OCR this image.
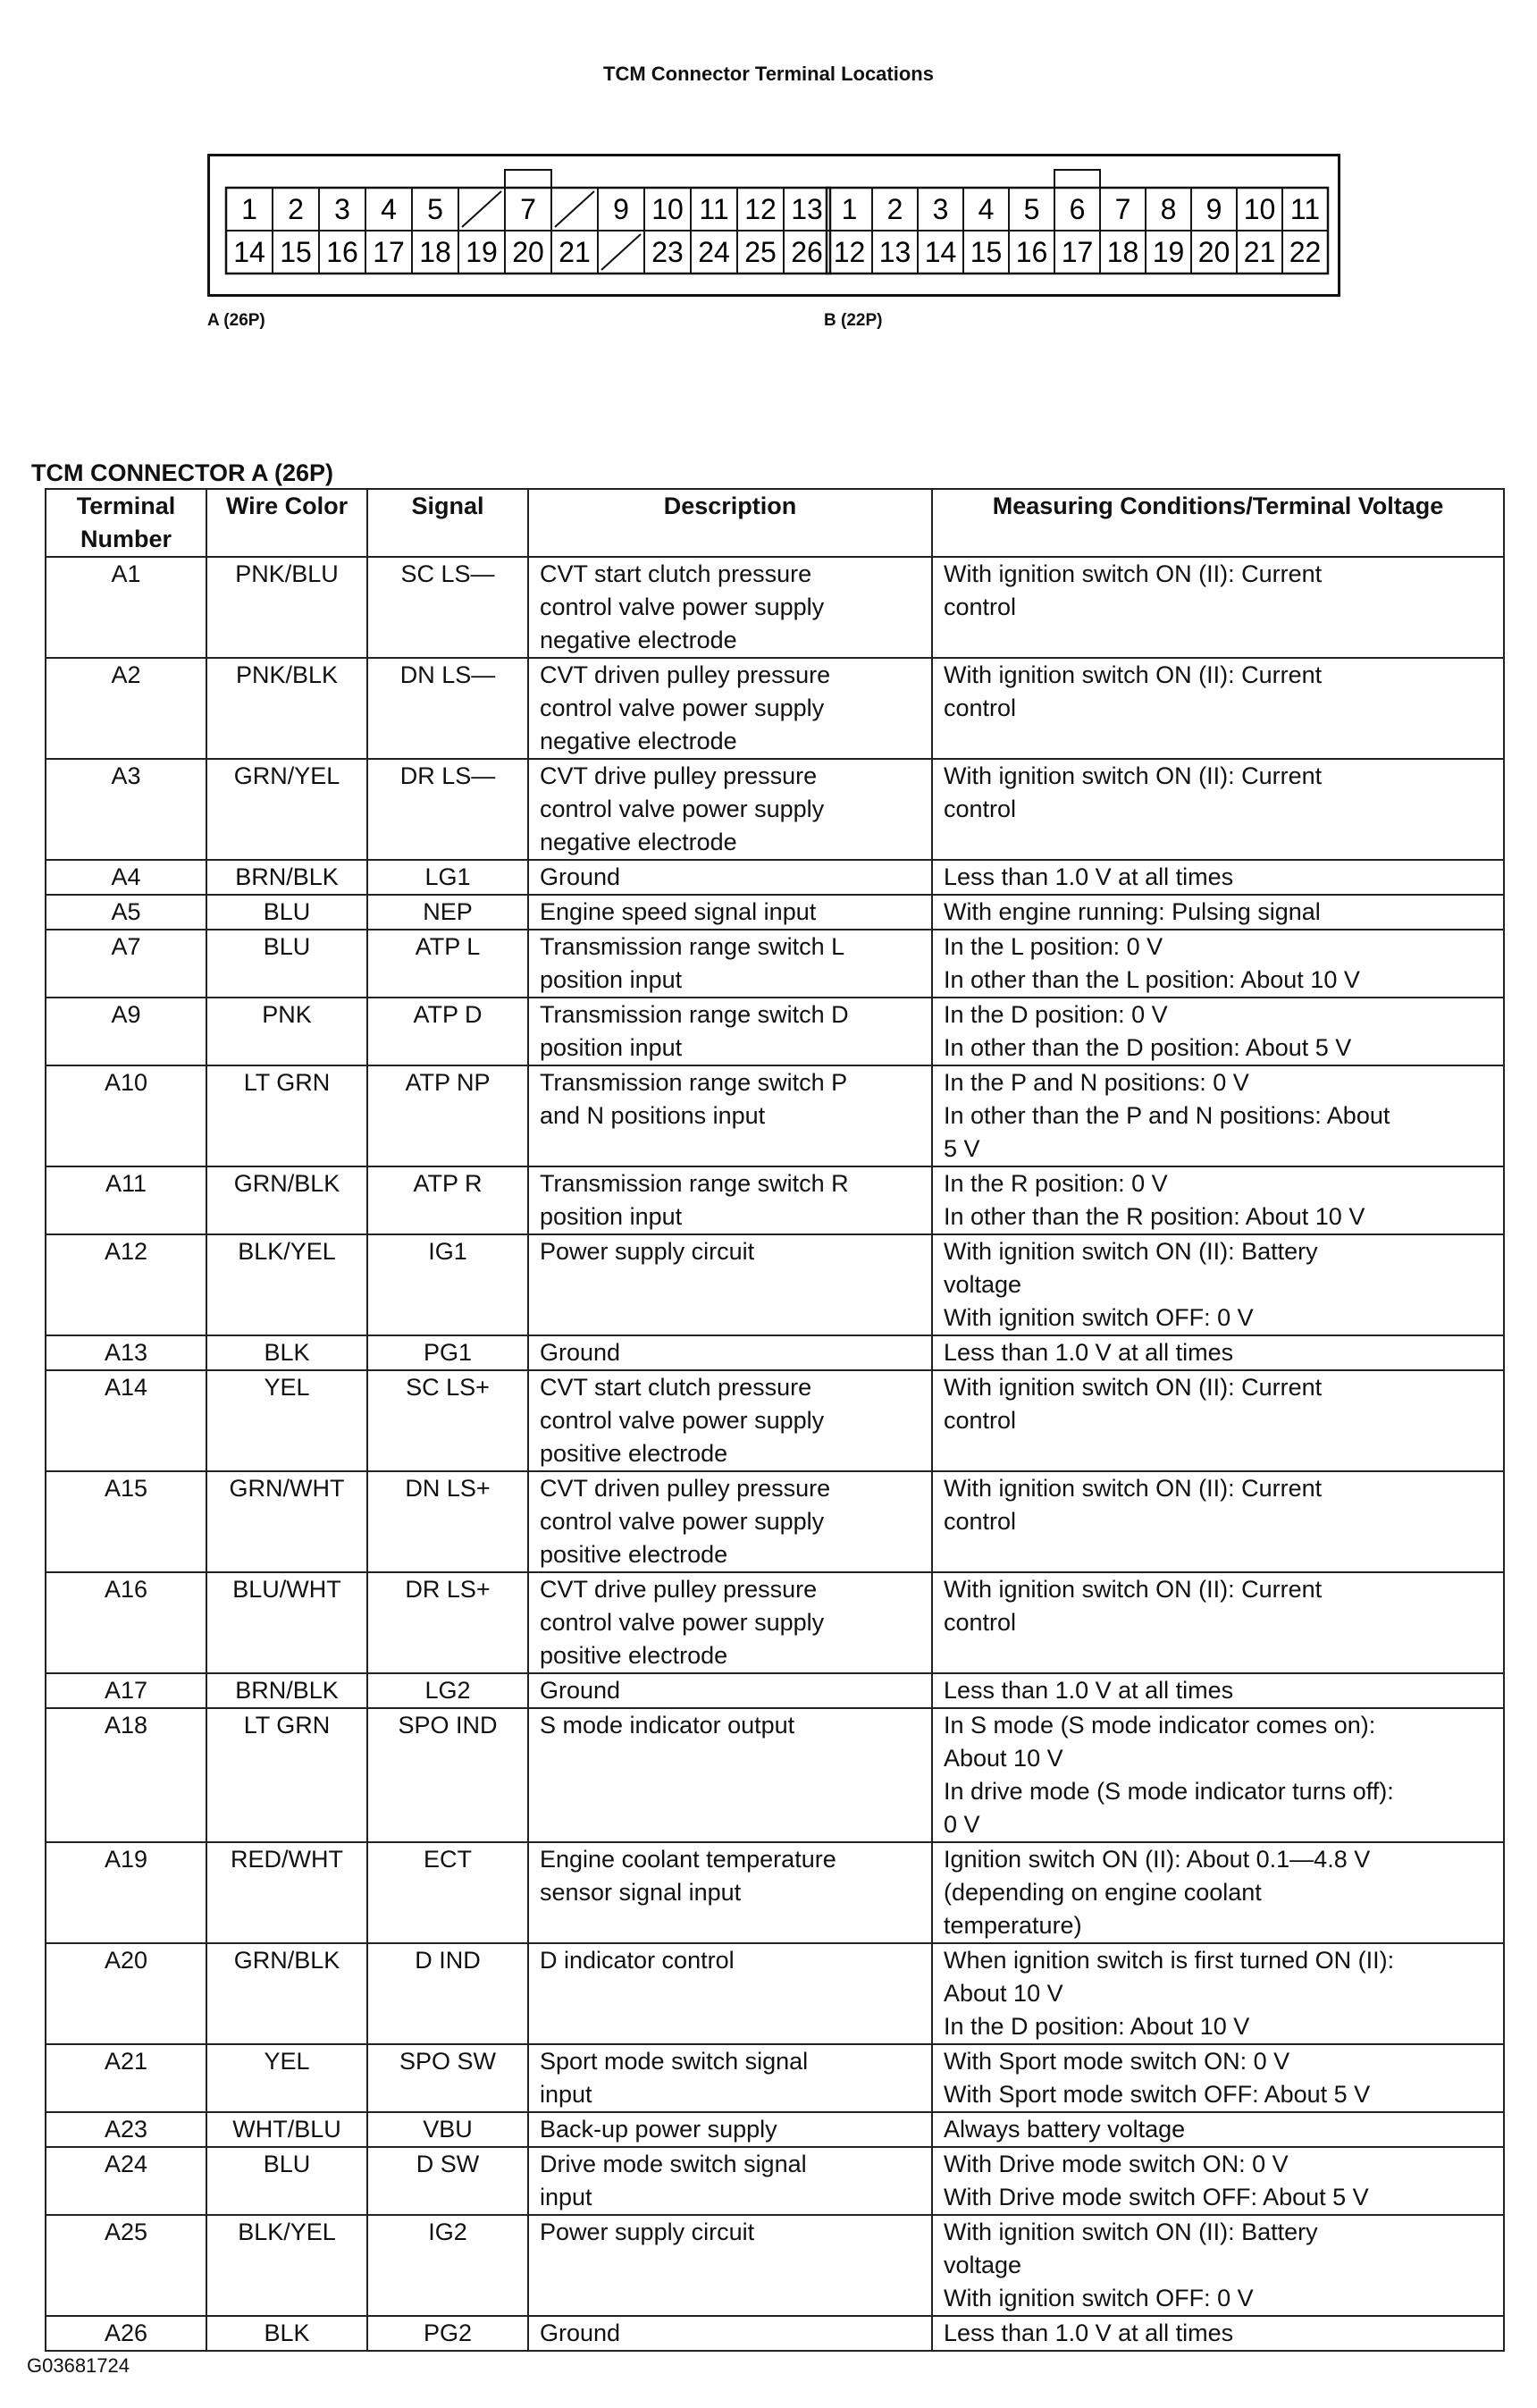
TCM Connector Terminal Locations
1 2 3 4 5	7	9 10 11 12 13
14 15 16 17 18 19 20 21 23 24 25 26
1 2 3 4 5 6 7 8 9 10 11
12 13 14 15 16 17 18 19 20 21 22
A (26P)	B (22P)
TCM CONNECTOR A (26P)
Terminal
Number	Wire Color	Signal	Description	Measuring Conditions/Terminal Voltage
A1	PNK/BLU	SC LS—	CVT start clutch pressure
control valve power supply
negative electrode	With ignition switch ON (II): Current
control
A2	PNK/BLK	DN LS—	CVT driven pulley pressure
control valve power supply
negative electrode	With ignition switch ON (II): Current
control
A3	GRN/YEL	DR LS—	CVT drive pulley pressure
control valve power supply
negative electrode	With ignition switch ON (II): Current
control
A4	BRN/BLK	LG1	Ground	Less than 1.0 V at all times
A5	BLU	NEP	Engine speed signal input	With engine running: Pulsing signal
A7	BLU	ATP L	Transmission range switch L
position input	In the L position: 0 V
In other than the L position: About 10 V
A9	PNK	ATP D	Transmission range switch D
position input	In the D position: 0 V
In other than the D position: About 5 V
A10	LT GRN	ATP NP	Transmission range switch P
and N positions input	In the P and N positions: 0 V
In other than the P and N positions: About
5 V
A11	GRN/BLK	ATP R	Transmission range switch R
position input	In the R position: 0 V
In other than the R position: About 10 V
A12	BLK/YEL	IG1	Power supply circuit	With ignition switch ON (II): Battery
voltage
With ignition switch OFF: 0 V
A13	BLK	PG1	Ground	Less than 1.0 V at all times
A14	YEL	SC LS+	CVT start clutch pressure
control valve power supply
positive electrode	With ignition switch ON (II): Current
control
A15	GRN/WHT	DN LS+	CVT driven pulley pressure
control valve power supply
positive electrode	With ignition switch ON (II): Current
control
A16	BLU/WHT	DR LS+	CVT drive pulley pressure
control valve power supply
positive electrode	With ignition switch ON (II): Current
control
A17	BRN/BLK	LG2	Ground	Less than 1.0 V at all times
A18	LT GRN	SPO IND	S mode indicator output	In S mode (S mode indicator comes on):
About 10 V
In drive mode (S mode indicator turns off):
0 V
A19	RED/WHT	ECT	Engine coolant temperature
sensor signal input	Ignition switch ON (II): About 0.1—4.8 V
(depending on engine coolant
temperature)
A20	GRN/BLK	D IND	D indicator control	When ignition switch is first turned ON (II):
About 10 V
In the D position: About 10 V
A21	YEL	SPO SW	Sport mode switch signal
input	With Sport mode switch ON: 0 V
With Sport mode switch OFF: About 5 V
A23	WHT/BLU	VBU	Back-up power supply	Always battery voltage
A24	BLU	D SW	Drive mode switch signal
input	With Drive mode switch ON: 0 V
With Drive mode switch OFF: About 5 V
A25	BLK/YEL	IG2	Power supply circuit	With ignition switch ON (II): Battery
voltage
With ignition switch OFF: 0 V
A26	BLK	PG2	Ground	Less than 1.0 V at all times
G03681724
